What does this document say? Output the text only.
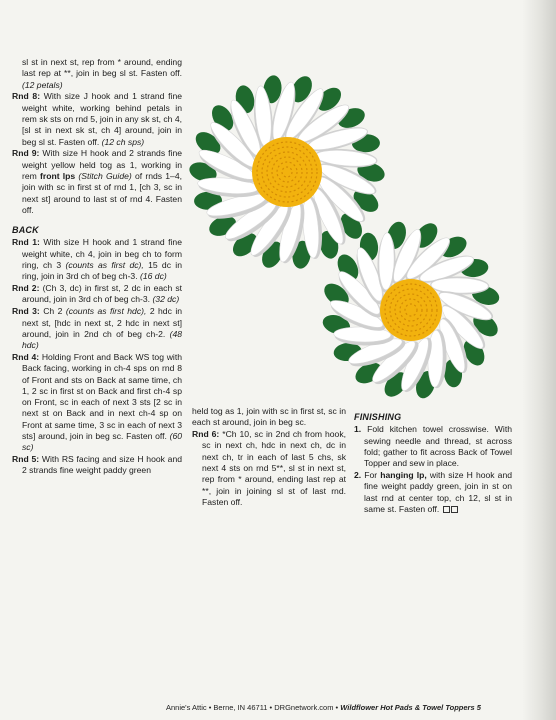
sl st in next st, rep from * around, ending last rep at **, join in beg sl st. Fasten off. (12 petals)

Rnd 8: With size J hook and 1 strand fine weight white, working behind petals in rem sk sts on rnd 5, join in any sk st, ch 4, [sl st in next sk st, ch 4] around, join in beg sl st. Fasten off. (12 ch sps)

Rnd 9: With size H hook and 2 strands fine weight yellow held tog as 1, working in rem front lps (Stitch Guide) of rnds 1–4, join with sc in first st of rnd 1, [ch 3, sc in next st] around to last st of rnd 4. Fasten off.

BACK

Rnd 1: With size H hook and 1 strand fine weight white, ch 4, join in beg ch to form ring, ch 3 (counts as first dc), 15 dc in ring, join in 3rd ch of beg ch-3. (16 dc)

Rnd 2: (Ch 3, dc) in first st, 2 dc in each st around, join in 3rd ch of beg ch-3. (32 dc)

Rnd 3: Ch 2 (counts as first hdc), 2 hdc in next st, [hdc in next st, 2 hdc in next st] around, join in 2nd ch of beg ch-2. (48 hdc)

Rnd 4: Holding Front and Back WS tog with Back facing, working in ch-4 sps on rnd 8 of Front and sts on Back at same time, ch 1, 2 sc in first st on Back and first ch-4 sp on Front, sc in each of next 3 sts [2 sc in next st on Back and in next ch-4 sp on Front at same time, 3 sc in each of next 3 sts] around, join in beg sc. Fasten off. (60 sc)

Rnd 5: With RS facing and size H hook and 2 strands fine weight paddy green

held tog as 1, join with sc in first st, sc in each st around, join in beg sc.

Rnd 6: *Ch 10, sc in 2nd ch from hook, sc in next ch, hdc in next ch, dc in next ch, tr in each of last 5 chs, sk next 4 sts on rnd 5**, sl st in next st, rep from * around, ending last rep at **, join in joining sl st of last rnd. Fasten off.

FINISHING

1. Fold kitchen towel crosswise. With sewing needle and thread, st across fold; gather to fit across Back of Towel Topper and sew in place.

2. For hanging lp, with size H hook and fine weight paddy green, join in st on last rnd at center top, ch 12, sl st in same st. Fasten off.

Annie's Attic • Berne, IN 46711 • DRGnetwork.com • Wildflower Hot Pads & Towel Toppers 5
